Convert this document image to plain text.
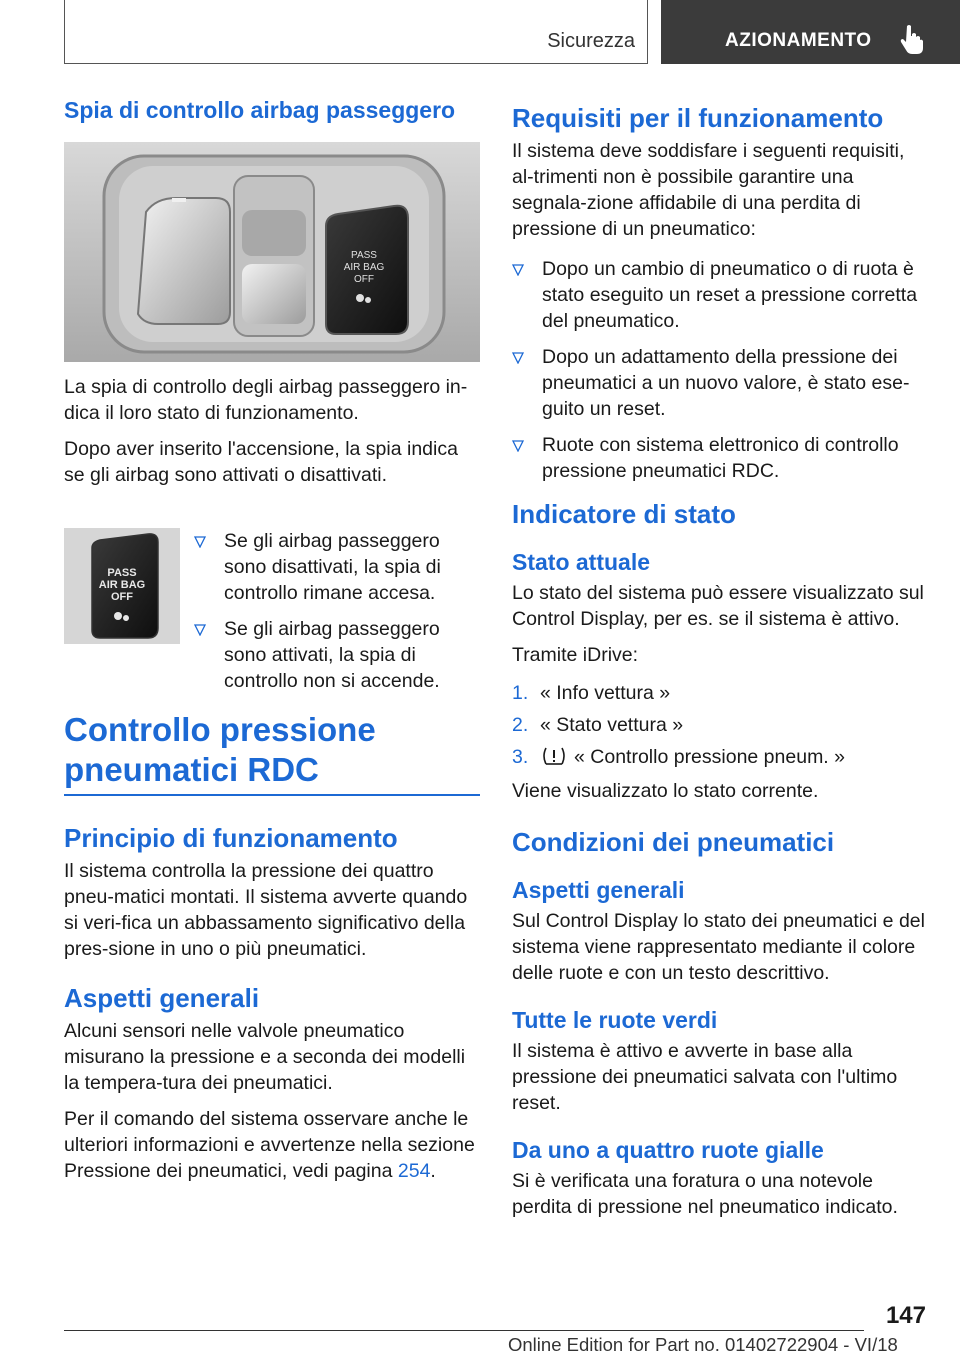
Sicurezza	AZIONAMENTO
Spia di controllo airbag passeggero
PASS
AIR BAG
OFF

La spia di controllo degli airbag passeggero in-dica il loro stato di funzionamento.

Dopo aver inserito l'accensione, la spia indica se gli airbag sono attivati o disattivati.

PASS
AIR BAG
OFF
Se gli airbag passeggero sono disattivati, la spia di controllo rimane accesa.
Se gli airbag passeggero sono attivati, la spia di controllo non si accende.
Controllo pressione
pneumatici RDC
Principio di funzionamento

Il sistema controlla la pressione dei quattro pneu-matici montati. Il sistema avverte quando si veri-fica un abbassamento significativo della pres-sione in uno o più pneumatici.

Aspetti generali

Alcuni sensori nelle valvole pneumatico misurano la pressione e a seconda dei modelli la tempera-tura dei pneumatici.

Per il comando del sistema osservare anche le ulteriori informazioni e avvertenze nella sezione Pressione dei pneumatici, vedi pagina 254.

Requisiti per il funzionamento

Il sistema deve soddisfare i seguenti requisiti, al-trimenti non è possibile garantire una segnala-zione affidabile di una perdita di pressione di un pneumatico:

Dopo un cambio di pneumatico o di ruota è stato eseguito un reset a pressione corretta del pneumatico.
Dopo un adattamento della pressione dei pneumatici a un nuovo valore, è stato ese-guito un reset.
Ruote con sistema elettronico di controllo pressione pneumatici RDC.
Indicatore di stato
Stato attuale

Lo stato del sistema può essere visualizzato sul Control Display, per es. se il sistema è attivo.

Tramite iDrive:

1. « Info vettura »
2. « Stato vettura »
3. « Controllo pressione pneum. »

Viene visualizzato lo stato corrente.

Condizioni dei pneumatici
Aspetti generali

Sul Control Display lo stato dei pneumatici e del sistema viene rappresentato mediante il colore delle ruote e con un testo descrittivo.

Tutte le ruote verdi

Il sistema è attivo e avverte in base alla pressione dei pneumatici salvata con l'ultimo reset.

Da uno a quattro ruote gialle

Si è verificata una foratura o una notevole perdita di pressione nel pneumatico indicato.

147
Online Edition for Part no. 01402722904 - VI/18
